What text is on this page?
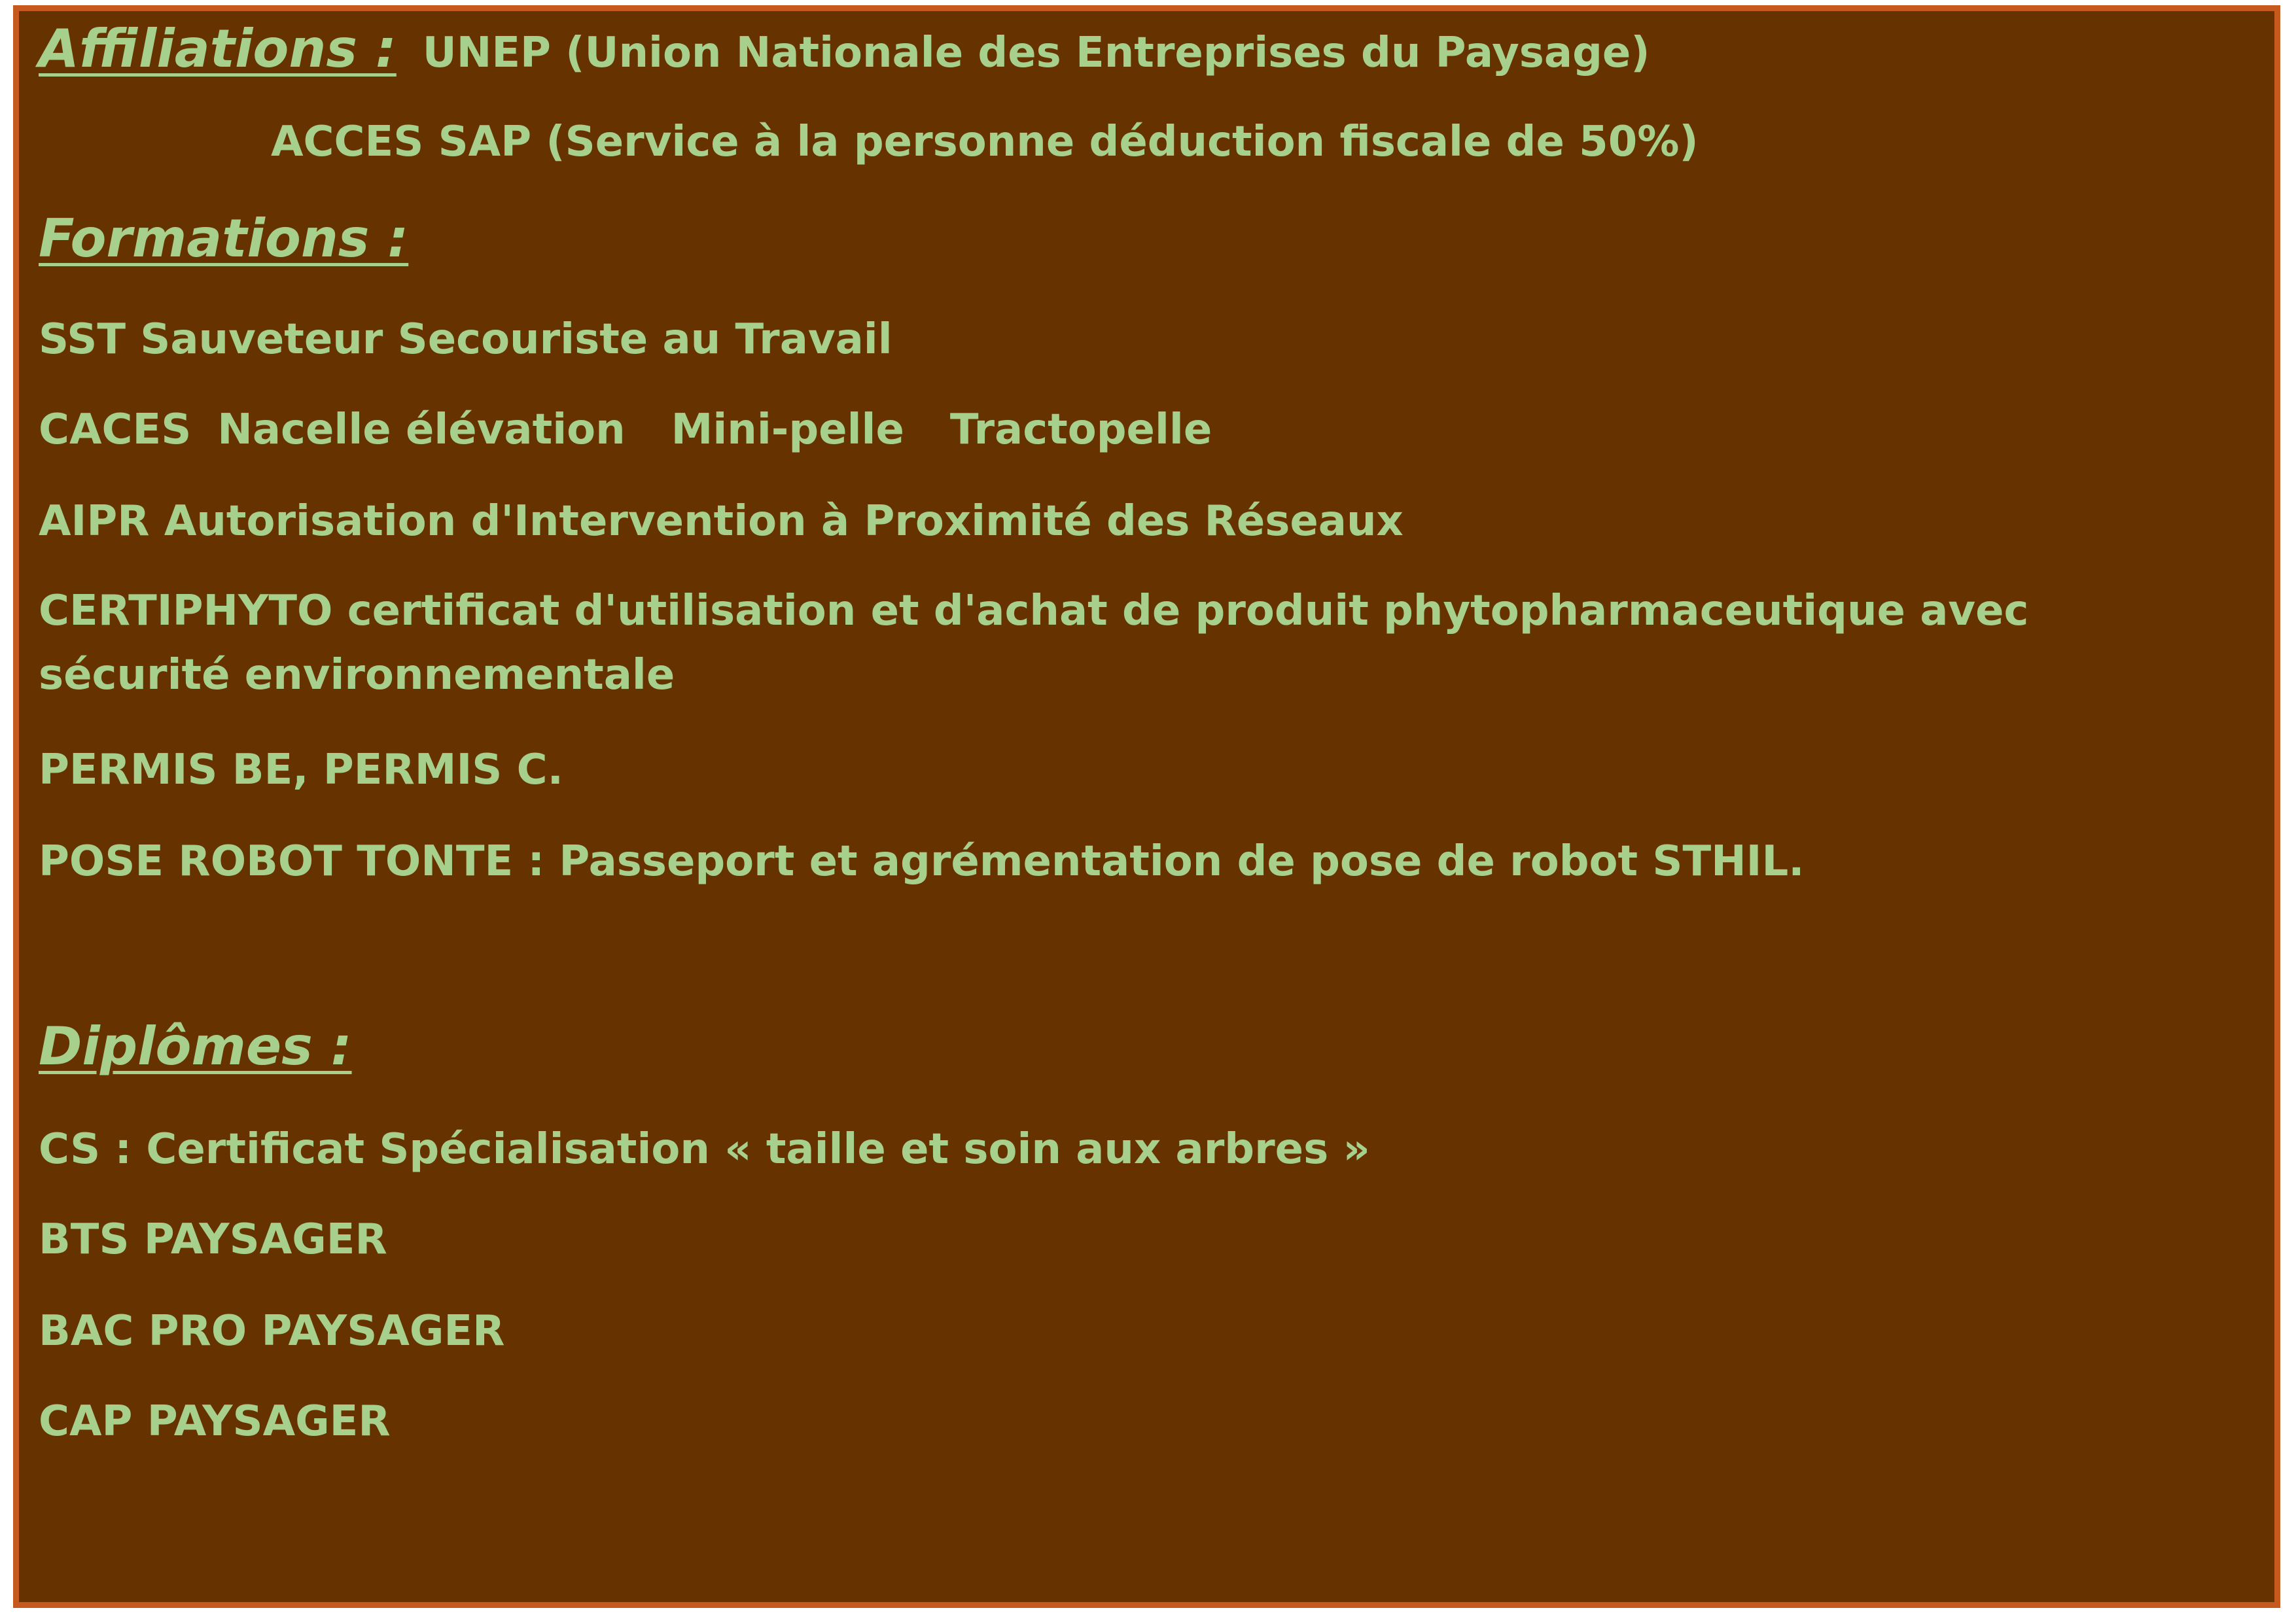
Affiliations : UNEP (Union Nationale des Entreprises du Paysage)
ACCES SAP (Service à la personne déduction fiscale de 50%)
Formations :
SST Sauveteur Secouriste au Travail
CACES Nacelle élévation Mini-pelle Tractopelle
AIPR Autorisation d'Intervention à Proximité des Réseaux
CERTIPHYTO certificat d'utilisation et d'achat de produit phytopharmaceutique avec sécurité environnementale
PERMIS BE, PERMIS C.
POSE ROBOT TONTE : Passeport et agrémentation de pose de robot STHIL.
Diplômes :
CS : Certificat Spécialisation « taille et soin aux arbres »
BTS PAYSAGER
BAC PRO PAYSAGER
CAP PAYSAGER
